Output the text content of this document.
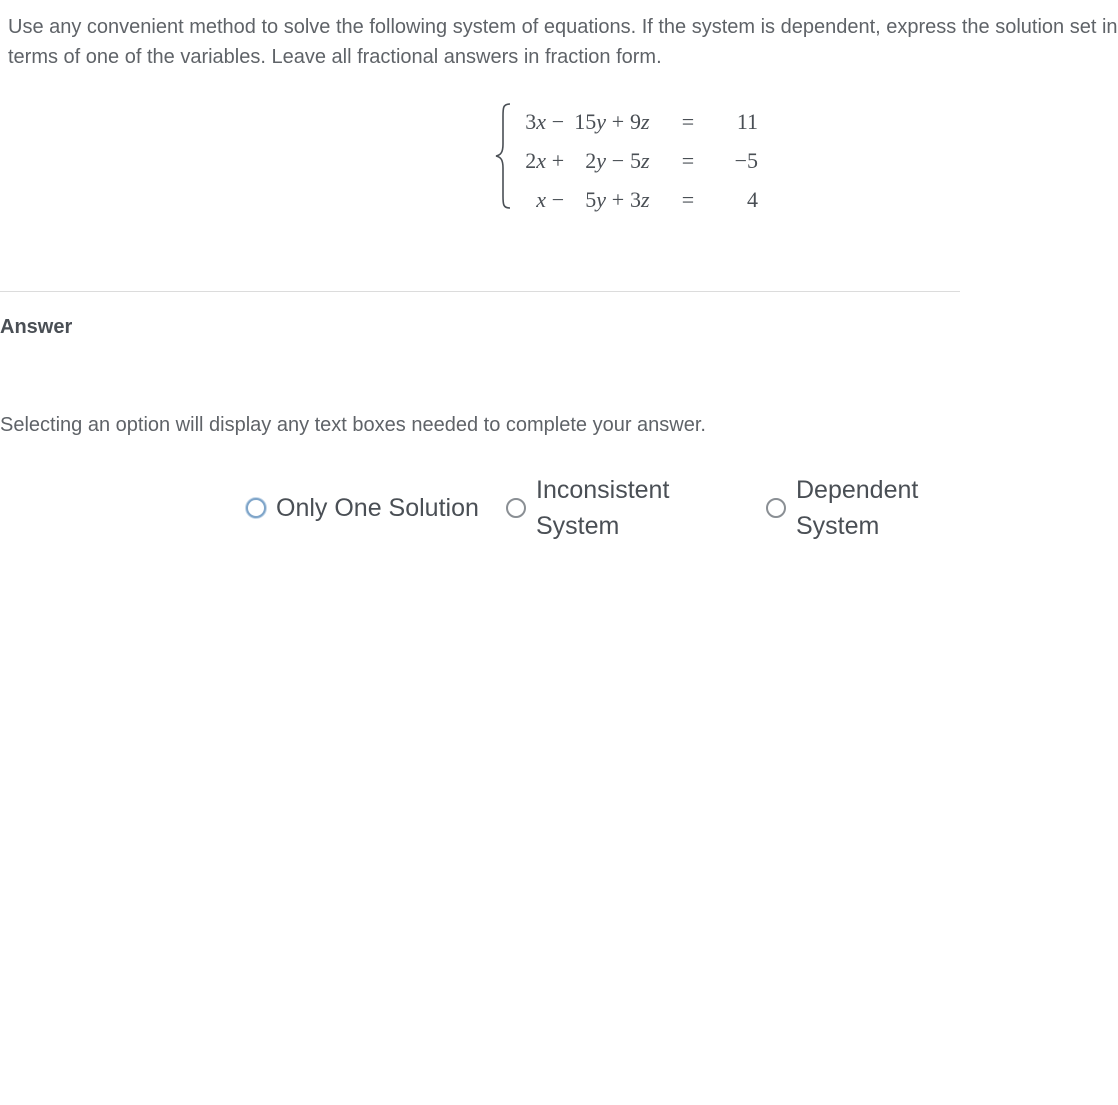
Use any convenient method to solve the following system of equations. If the system is dependent, express the solution set in
terms of one of the variables. Leave all fractional answers in fraction form.
3x	−	15y	+	9z	=	11
2x	+	2y	−	5z	=	−5
x	−	5y	+	3z	=	4
Answer
Selecting an option will display any text boxes needed to complete your answer.
Only One Solution
Inconsistent System
Dependent System
